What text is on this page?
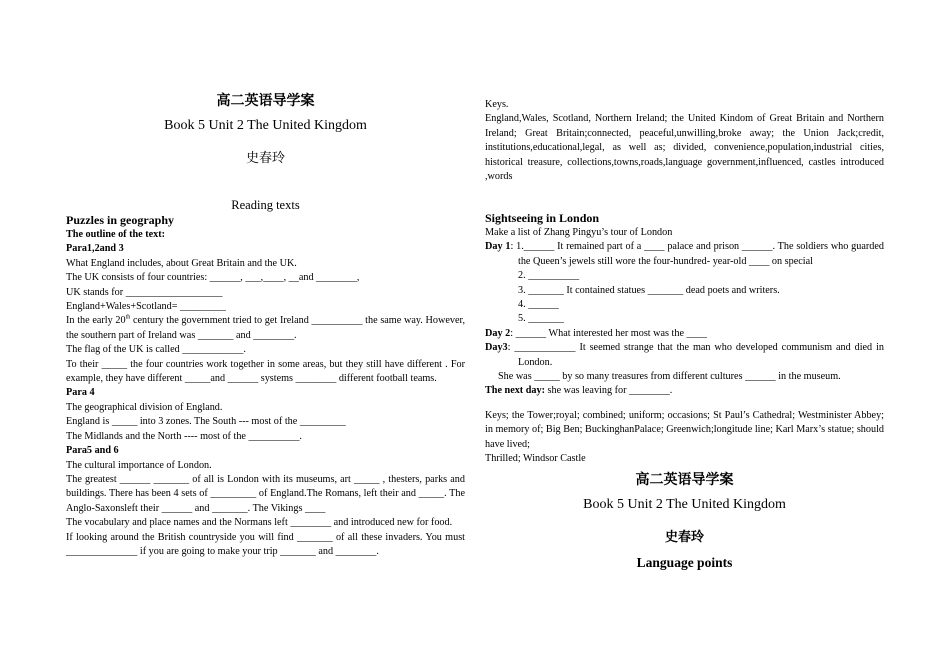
高二英语导学案
Book 5 Unit 2 The United Kingdom
史春玲
Reading texts

Puzzles in geography

The outline of the text:

Para1,2and 3

What England includes, about Great Britain and the UK.

The UK consists of four countries: ______, ___,____, __and ________,

UK stands for ___________________

England+Wales+Scotland= _________

In the early 20th century the government tried to get Ireland __________ the same way. However, the southern part of Ireland was _______ and ________.

The flag of the UK is called ____________.

To their _____ the four countries work together in some areas, but they still have different . For example, they have different _____and ______ systems ________ different football teams.

Para 4

The geographical division of England.

England is _____ into 3 zones. The South --- most of the _________

The Midlands and the North ---- most of the __________.

Para5 and 6

The cultural importance of London.

The greatest ______ _______ of all is London with its museums, art _____ , thesters, parks and buildings. There has been 4 sets of _________ of England.The Romans, left their and _____. The Anglo-Saxonsleft their ______ and _______. The Vikings ____

The vocabulary and place names and the Normans left ________ and introduced new for food.

If looking around the British countryside you will find _______ of all these invaders. You must ______________ if you are going to make your trip _______ and ________.

Keys.

England,Wales, Scotland, Northern Ireland; the United Kindom of Great Britain and Northern Ireland; Great Britain;connected, peaceful,unwilling,broke away; the Union Jack;credit, institutions,educational,legal, as well as; divided, convenience,population,industrial cities, historical treasure, collections,towns,roads,language government,influenced, castles introduced ,words

Sightseeing in London

Make a list of Zhang Pingyu’s tour of London

Day 1: 1.______ It remained part of a ____ palace and prison ______. The soldiers who guarded the Queen’s jewels still wore the four-hundred- year-old ____ on special

2. __________

3. _______ It contained statues _______ dead poets and writers.

4. ______

5. _______

Day 2: ______ What interested her most was the ____

Day3: ____________ It seemed strange that the man who developed communism and died in London.

She was _____ by so many treasures from different cultures ______ in the museum.

The next day: she was leaving for ________.

Keys; the Tower;royal; combined; uniform; occasions; St Paul’s Cathedral; Westminister Abbey; in memory of; Big Ben; BuckinghanPalace; Greenwich;longitude line; Karl Marx’s statue; should have lived;

Thrilled; Windsor Castle

高二英语导学案
Book 5 Unit 2 The United Kingdom
史春玲
Language points
